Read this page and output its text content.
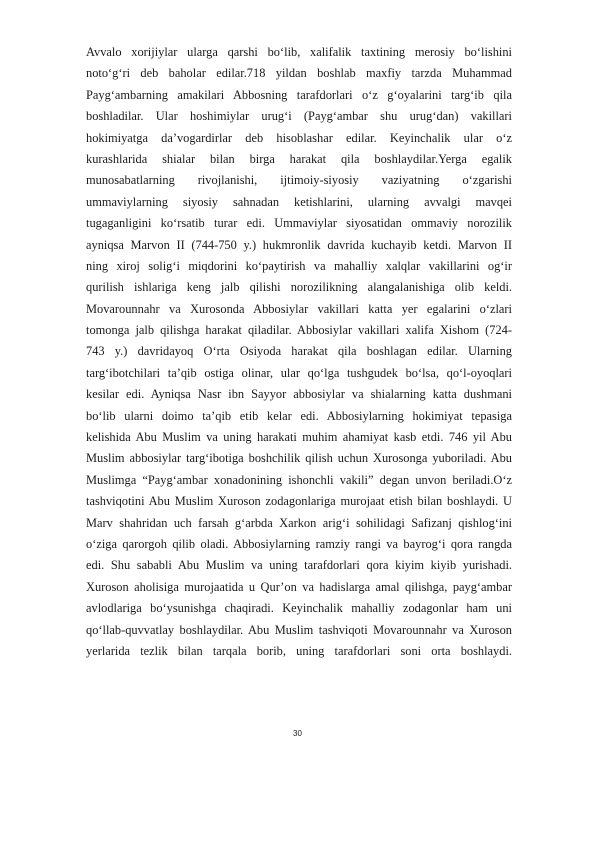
Avvalo xorijiylar ularga qarshi bo‘lib, xalifalik taxtining merosiy bo‘lishini
noto‘g‘ri deb baholar edilar.718 yildan boshlab maxfiy tarzda Muhammad
Payg‘ambarning amakilari Abbosning tarafdorlari o‘z g‘oyalarini targ‘ib qila
boshladilar. Ular hoshimiylar urug‘i (Payg‘ambar shu urug‘dan) vakillari
hokimiyatga da’vogardirlar deb hisoblashar edilar. Keyinchalik ular o‘z
kurashlarida shialar bilan birga harakat qila boshlaydilar.Yerga egalik
munosabatlarning rivojlanishi, ijtimoiy-siyosiy vaziyatning o‘zgarishi
ummaviylarning siyosiy sahnadan ketishlarini, ularning avvalgi mavqei
tugaganligini ko‘rsatib turar edi. Ummaviylar siyosatidan ommaviy norozilik
ayniqsa Marvon II (744-750 y.) hukmronlik davrida kuchayib ketdi. Marvon II
ning xiroj solig‘i miqdorini ko‘paytirish va mahalliy xalqlar vakillarini og‘ir
qurilish ishlariga keng jalb qilishi norozilikning alangalanishiga olib keldi.
Movarounnahr va Xurosonda Abbosiylar vakillari katta yer egalarini o‘zlari
tomonga jalb qilishga harakat qiladilar. Abbosiylar vakillari xalifa Xishom (724-
743 y.) davridayoq O‘rta Osiyoda harakat qila boshlagan edilar. Ularning
targ‘ibotchilari ta’qib ostiga olinar, ular qo‘lga tushgudek bo‘lsa, qo‘l-oyoqlari
kesilar edi. Ayniqsa Nasr ibn Sayyor abbosiylar va shialarning katta dushmani
bo‘lib ularni doimo ta’qib etib kelar edi. Abbosiylarning hokimiyat tepasiga
kelishida Abu Muslim va uning harakati muhim ahamiyat kasb etdi. 746 yil Abu
Muslim abbosiylar targ‘ibotiga boshchilik qilish uchun Xurosonga yuboriladi. Abu
Muslimga “Payg‘ambar xonadonining ishonchli vakili” degan unvon beriladi.O‘z
tashviqotini Abu Muslim Xuroson zodagonlariga murojaat etish bilan boshlaydi. U
Marv shahridan uch farsah g‘arbda Xarkon arig‘i sohilidagi Safizanj qishlog‘ini
o‘ziga qarorgoh qilib oladi. Abbosiylarning ramziy rangi va bayrog‘i qora rangda
edi. Shu sababli Abu Muslim va uning tarafdorlari qora kiyim kiyib yurishadi.
Xuroson aholisiga murojaatida u Qur’on va hadislarga amal qilishga, payg‘ambar
avlodlariga bo‘ysunishga chaqiradi. Keyinchalik mahalliy zodagonlar ham uni
qo‘llab-quvvatlay boshlaydilar. Abu Muslim tashviqoti Movarounnahr va Xuroson
yerlarida tezlik bilan tarqala borib, uning tarafdorlari soni orta boshlaydi.
30
